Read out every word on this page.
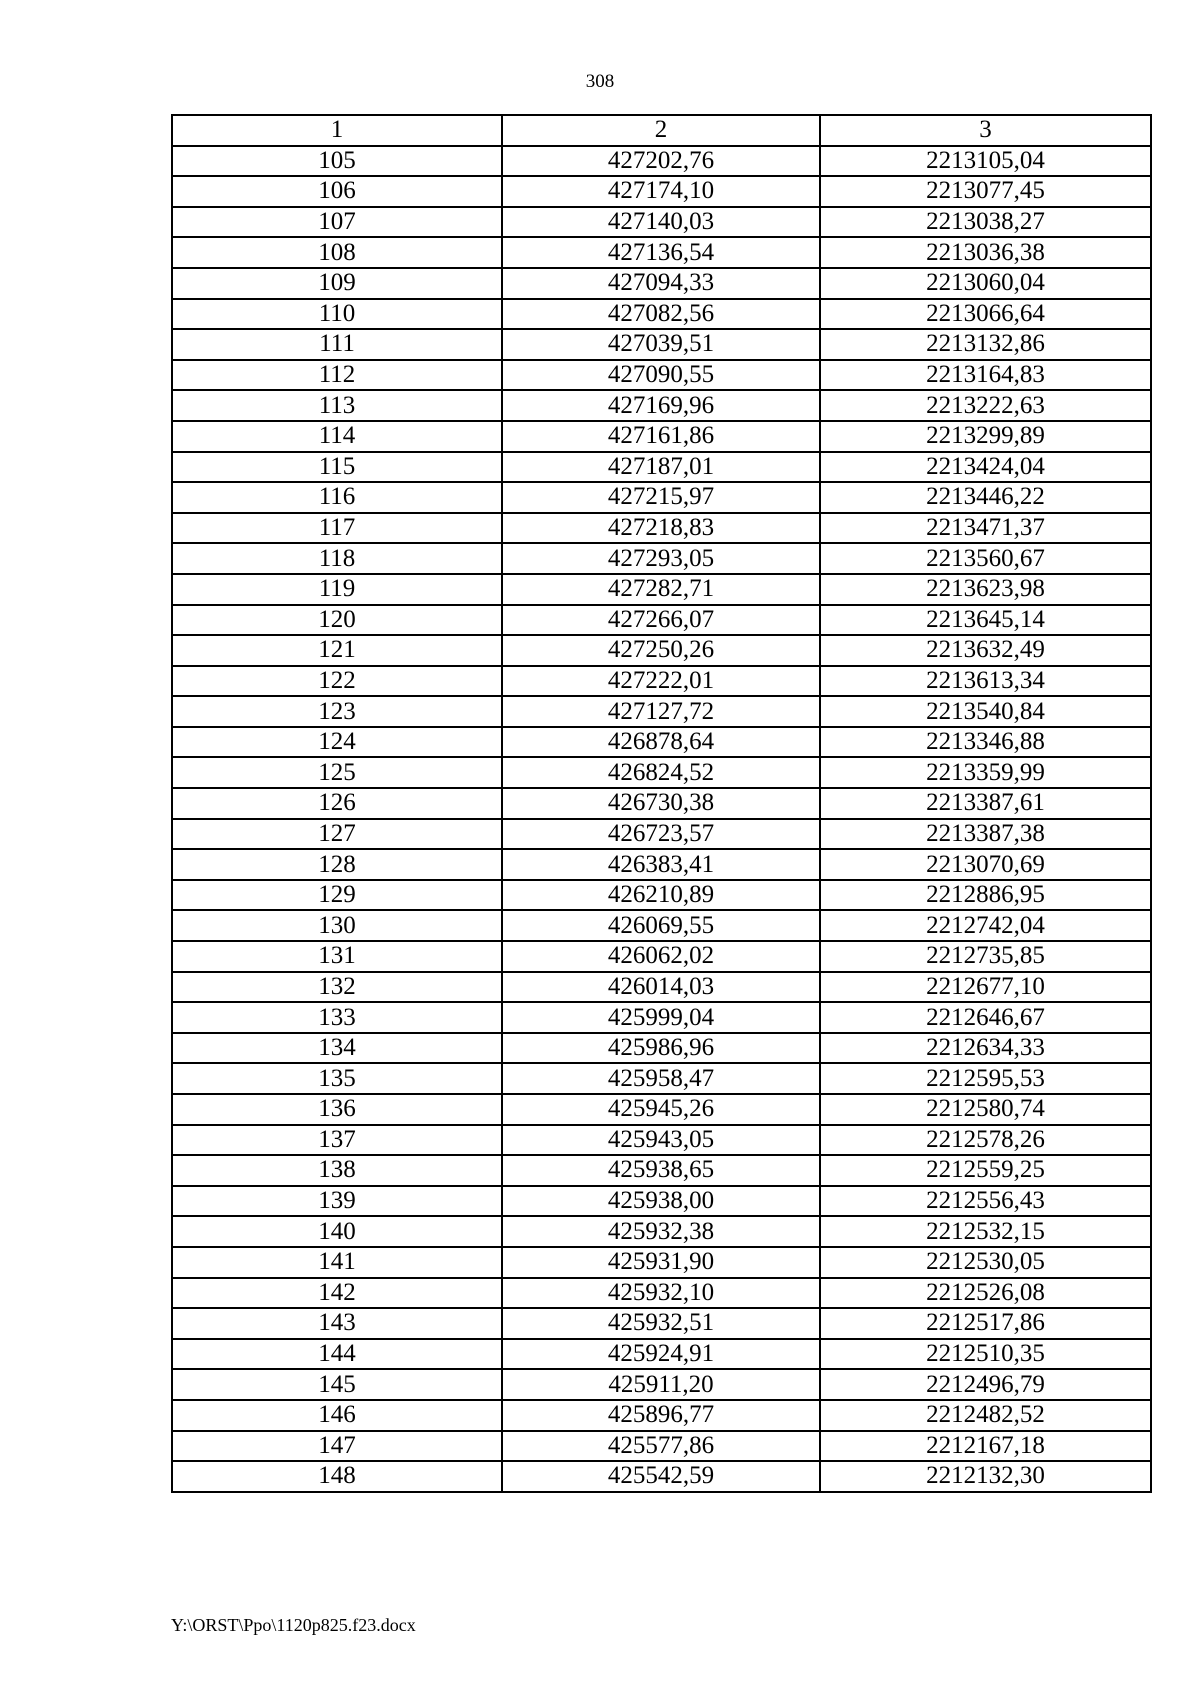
308
1	2	3
105	427202,76	2213105,04
106	427174,10	2213077,45
107	427140,03	2213038,27
108	427136,54	2213036,38
109	427094,33	2213060,04
110	427082,56	2213066,64
111	427039,51	2213132,86
112	427090,55	2213164,83
113	427169,96	2213222,63
114	427161,86	2213299,89
115	427187,01	2213424,04
116	427215,97	2213446,22
117	427218,83	2213471,37
118	427293,05	2213560,67
119	427282,71	2213623,98
120	427266,07	2213645,14
121	427250,26	2213632,49
122	427222,01	2213613,34
123	427127,72	2213540,84
124	426878,64	2213346,88
125	426824,52	2213359,99
126	426730,38	2213387,61
127	426723,57	2213387,38
128	426383,41	2213070,69
129	426210,89	2212886,95
130	426069,55	2212742,04
131	426062,02	2212735,85
132	426014,03	2212677,10
133	425999,04	2212646,67
134	425986,96	2212634,33
135	425958,47	2212595,53
136	425945,26	2212580,74
137	425943,05	2212578,26
138	425938,65	2212559,25
139	425938,00	2212556,43
140	425932,38	2212532,15
141	425931,90	2212530,05
142	425932,10	2212526,08
143	425932,51	2212517,86
144	425924,91	2212510,35
145	425911,20	2212496,79
146	425896,77	2212482,52
147	425577,86	2212167,18
148	425542,59	2212132,30
Y:\ORST\Ppo\1120p825.f23.docx
